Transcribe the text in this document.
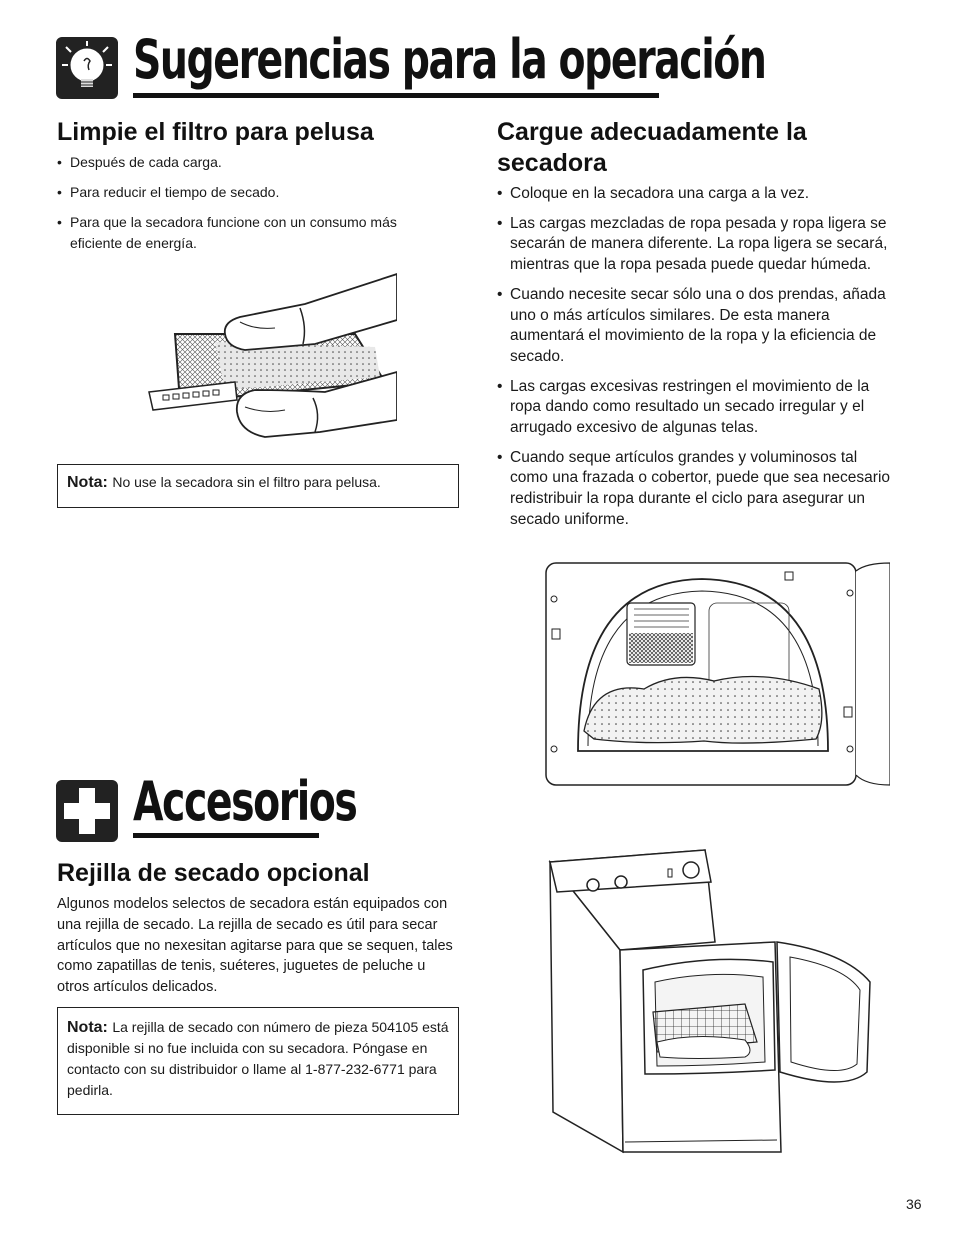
Sugerencias para la operación
Limpie el filtro para pelusa
• Después de cada carga.
• Para reducir el tiempo de secado.
• Para que la secadora funcione con un consumo más eficiente de energía.
Nota: No use la secadora sin el filtro para pelusa.
Cargue adecuadamente la
secadora
• Coloque en la secadora una carga a la vez.
• Las cargas mezcladas de ropa pesada y ropa ligera se secarán de manera diferente. La ropa ligera se secará, mientras que la ropa pesada puede quedar húmeda.
• Cuando necesite secar sólo una o dos prendas, añada uno o más artículos similares. De esta manera aumentará el movimiento de la ropa y la eficiencia de secado.
• Las cargas excesivas restringen el movimiento de la ropa dando como resultado un secado irregular y el arrugado excesivo de algunas telas.
• Cuando seque artículos grandes y voluminosos tal como una frazada o cobertor, puede que sea necesario redistribuir la ropa durante el ciclo para asegurar un secado uniforme.
Accesorios
Rejilla de secado opcional

Algunos modelos selectos de secadora están equipados con una rejilla de secado. La rejilla de secado es útil para secar artículos que no nexesitan agitarse para que se sequen, tales como zapatillas de tenis, suéteres, juguetes de peluche u otros artículos delicados.

Nota: La rejilla de secado con número de pieza 504105 está disponible si no fue incluida con su secadora. Póngase en contacto con su distribuidor o llame al 1-877-232-6771 para pedirla.
36
